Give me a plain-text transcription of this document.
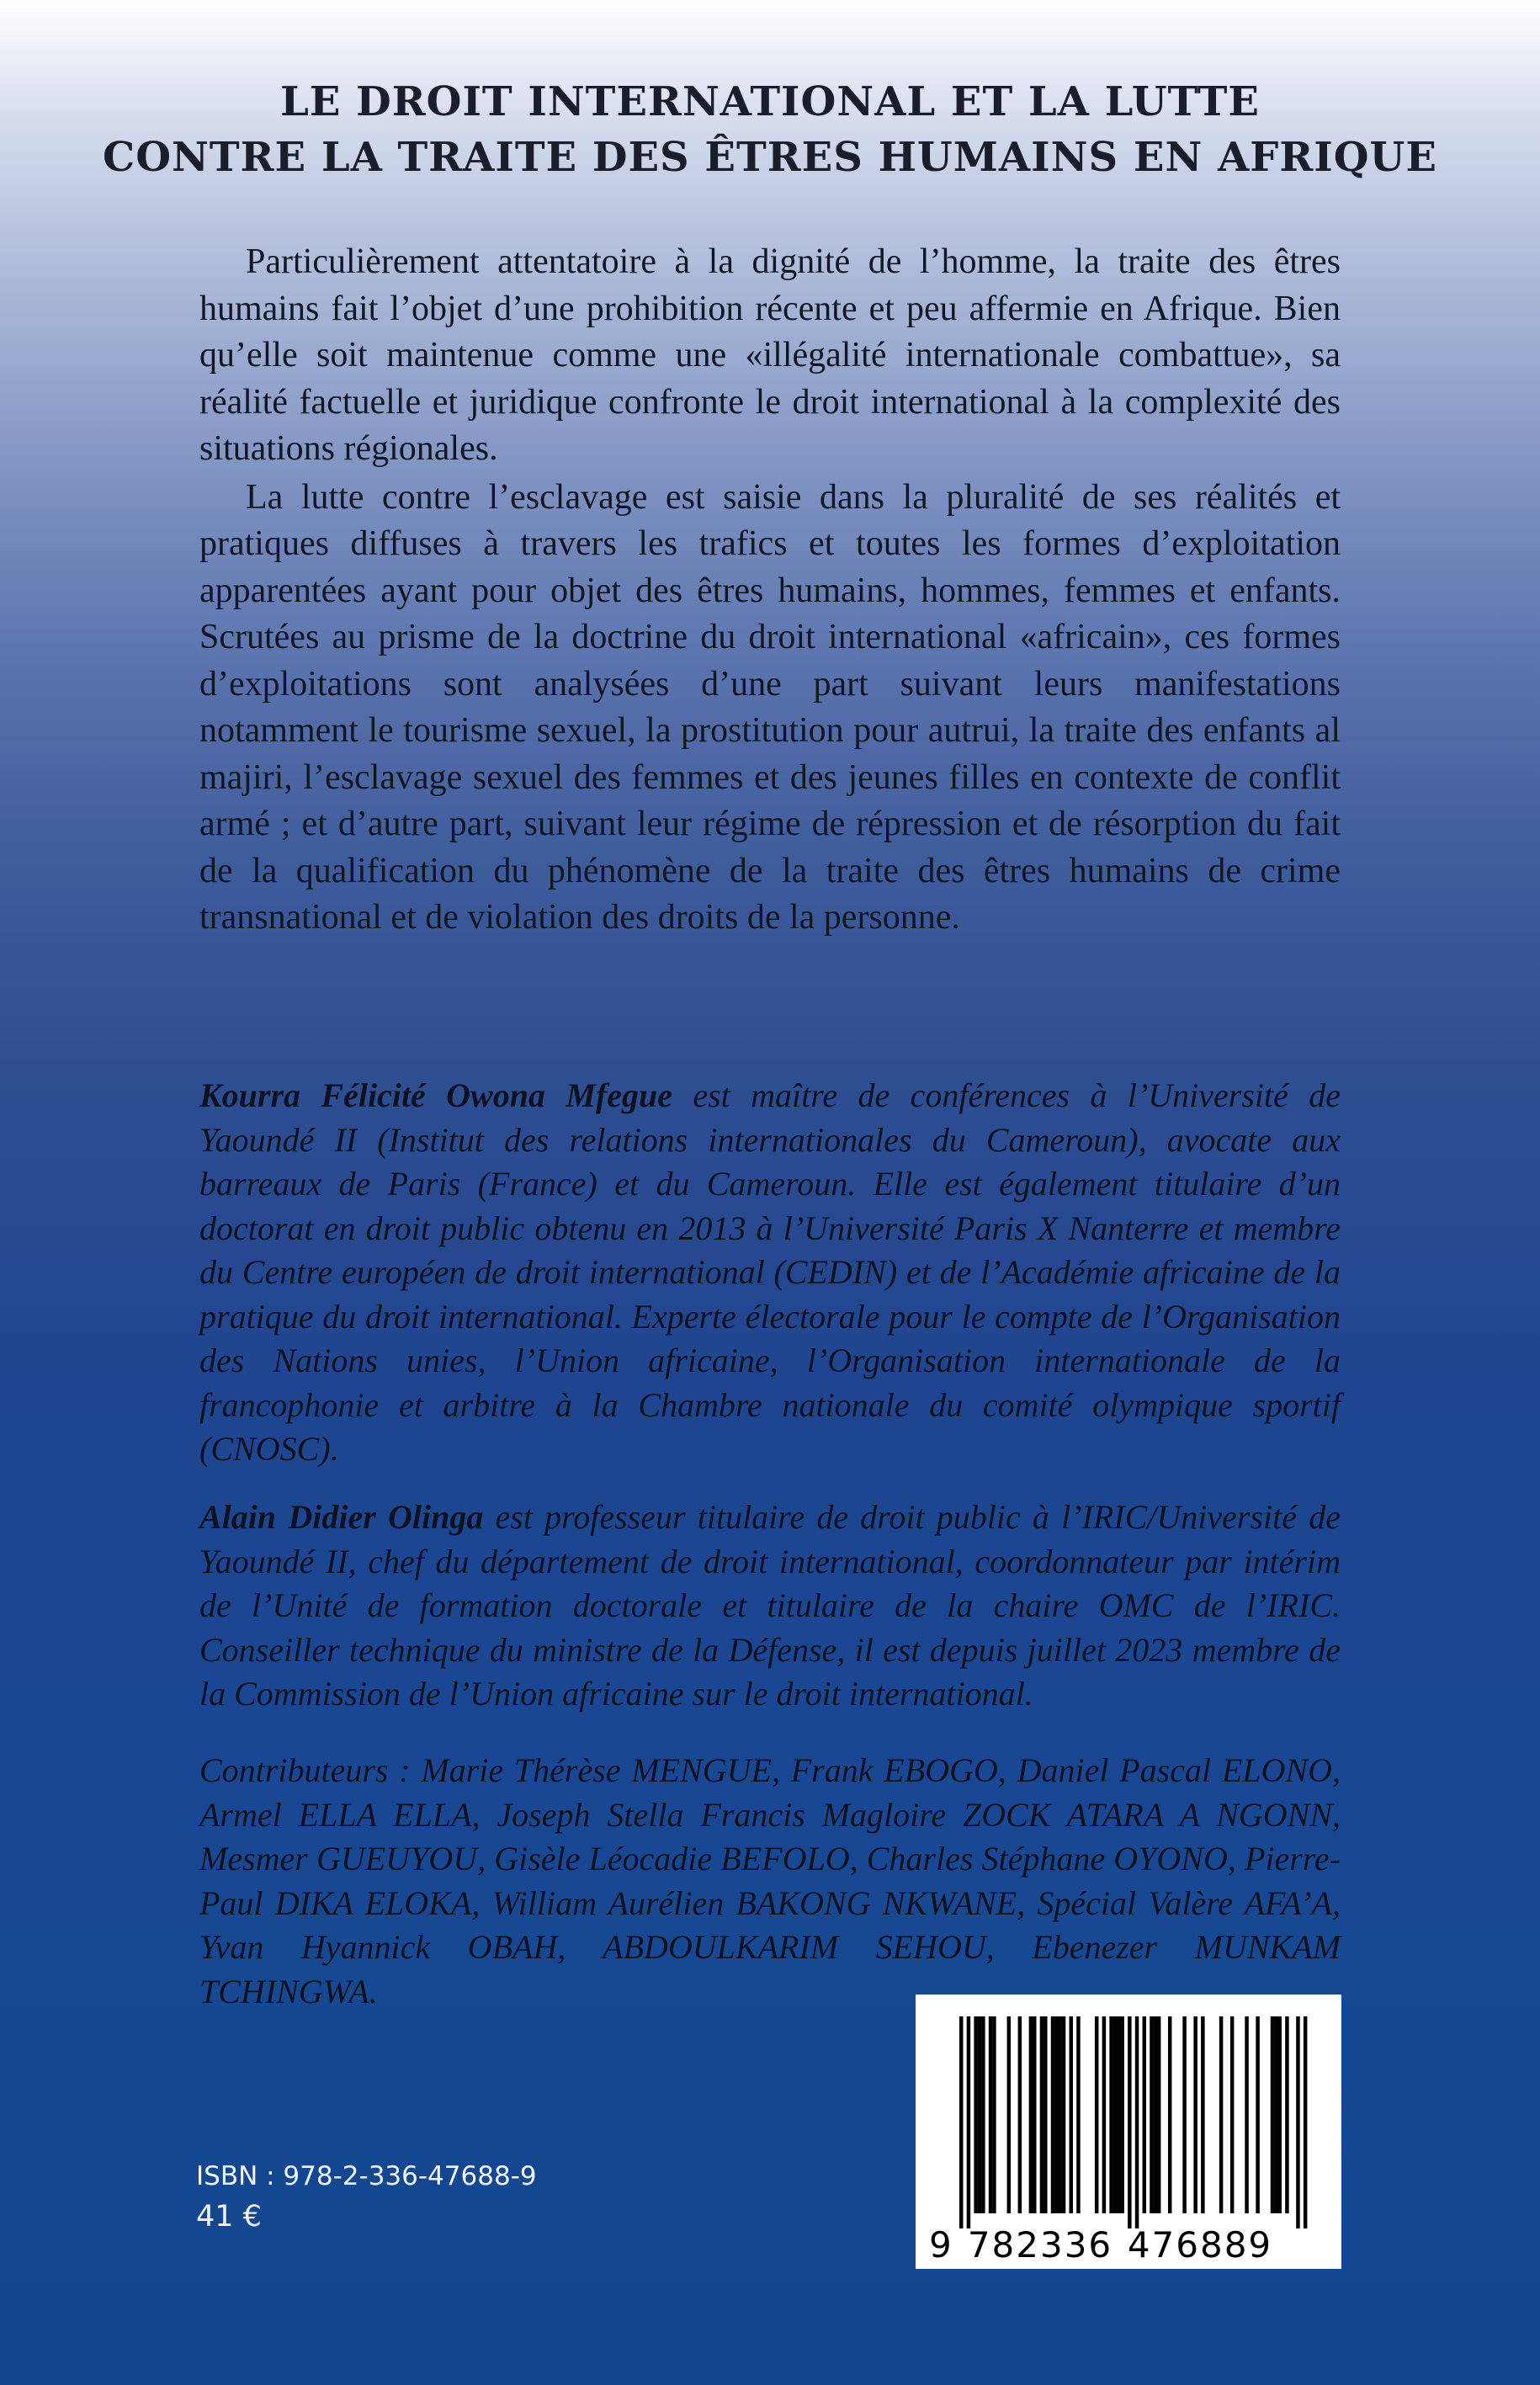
LE DROIT INTERNATIONAL ET LA LUTTE
CONTRE LA TRAITE DES ÊTRES HUMAINS EN AFRIQUE

Particulièrement attentatoire à la dignité de l’homme, la traite des êtres humains fait l’objet d’une prohibition récente et peu affermie en Afrique. Bien qu’elle soit maintenue comme une «illégalité internationale combattue», sa réalité factuelle et juridique confronte le droit international à la complexité des situations régionales.

La lutte contre l’esclavage est saisie dans la pluralité de ses réalités et pratiques diffuses à travers les trafics et toutes les formes d’exploitation apparentées ayant pour objet des êtres humains, hommes, femmes et enfants. Scrutées au prisme de la doctrine du droit international «africain», ces formes d’exploitations sont analysées d’une part suivant leurs manifestations notamment le tourisme sexuel, la prostitution pour autrui, la traite des enfants al majiri, l’esclavage sexuel des femmes et des jeunes filles en contexte de conflit armé ; et d’autre part, suivant leur régime de répression et de résorption du fait de la qualification du phénomène de la traite des êtres humains de crime transnational et de violation des droits de la personne.

Kourra Félicité Owona Mfegue est maître de conférences à l’Université de Yaoundé II (Institut des relations internationales du Cameroun), avocate aux barreaux de Paris (France) et du Cameroun. Elle est également titulaire d’un doctorat en droit public obtenu en 2013 à l’Université Paris X Nanterre et membre du Centre européen de droit international (CEDIN) et de l’Académie africaine de la pratique du droit international. Experte électorale pour le compte de l’Organisation des Nations unies, l’Union africaine, l’Organisation internationale de la francophonie et arbitre à la Chambre nationale du comité olympique sportif (CNOSC).
Alain Didier Olinga est professeur titulaire de droit public à l’IRIC/Université de Yaoundé II, chef du département de droit international, coordonnateur par intérim de l’Unité de formation doctorale et titulaire de la chaire OMC de l’IRIC. Conseiller technique du ministre de la Défense, il est depuis juillet 2023 membre de la Commission de l’Union africaine sur le droit international.
Contributeurs : Marie Thérèse MENGUE, Frank EBOGO, Daniel Pascal ELONO, Armel ELLA ELLA, Joseph Stella Francis Magloire ZOCK ATARA A NGONN, Mesmer GUEUYOU, Gisèle Léocadie BEFOLO, Charles Stéphane OYONO, Pierre-Paul DIKA ELOKA, William Aurélien BAKONG NKWANE, Spécial Valère AFA’A, Yvan Hyannick OBAH, ABDOULKARIM SEHOU, Ebenezer MUNKAM TCHINGWA.
ISBN : 978-2-336-47688-9
41 €
9 782336 476889
